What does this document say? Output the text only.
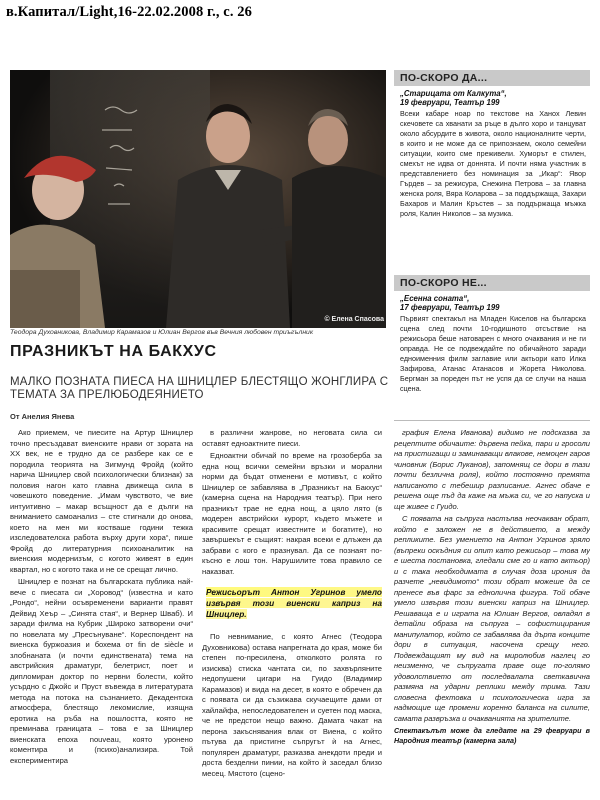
в.Капитал/Light,16-22.02.2008 г., с. 26
© Елена Спасова
Теодора Духовникова, Владимир Карамазов и Юлиан Вергов във Вечния любовен триъгълник
ПО-СКОРО ДА...
„Старицата от Калкута“,
19 февруари, Театър 199
Всеки кабаре ноар по текстове на Ханох Левин скечовете са хванати за ръце в дълго хоро и танцуват около абсурдите в живота, около националните черти, в които и не може да се припознаем, около семейни ситуации, които сме преживели. Хуморът е стилен, смехът не идва от доннята. И почти няма участник в представлението без номинация за „Икар“: Явор Гърдев – за режисура, Снежина Петрова – за главна женска роля, Вяра Коларова – за поддържаща, Захари Бахаров и Малин Кръстев – за поддържаща мъжка роля, Калин Николов – за музика.
ПО-СКОРО НЕ...
„Есенна соната“,
17 февруари, Театър 199
Първият спектакъл на Младен Киселов на българска сцена след почти 10-годишното отсъствие на режисьора беше натоварен с много очаквания и не ги оправда. Не се подвеждайте по обичайното заради едноименния филм заглавие или актьори като Илка Зафирова, Атанас Атанасов и Жорета Николова. Бергман за пореден път не успя да се случи на наша сцена.
ПРАЗНИКЪТ НА БАКХУС
МАЛКО ПОЗНАТА ПИЕСА НА ШНИЦЛЕР БЛЕСТЯЩО ЖОНГЛИРА С ТЕМАТА ЗА ПРЕЛЮБОДЕЯНИЕТО
От Анелия Янева

Ако приемем, че пиесите на Артур Шницлер точно пресъздават виенските нрави от зората на XX век, не е трудно да се разбере как се е породила теорията на Зигмунд Фройд (който нарича Шницлер свой психологически близнак) за половия нагон като главна движеща сила в човешкото поведение. „Имам чувството, че вие интуитивно – макар всъщност да е дълги на вниманието самоанализ – сте стигнали до онова, което на мен ми костваше години тежка изследователска работа върху други хора“, пише Фройд до литературния психоаналитик на виенския модернизъм, с когото живеят в един квартал, но с когото така и не се срещат лично.

Шницлер е познат на българската публика най-вече с пиесата си „Хоровод“ (известна и като „Рондо“, нейни осъвременени варианти правят Дейвид Хеър – „Синята стая“, и Вернер Шваб). И заради филма на Кубрик „Широко затворени очи“ по новелата му „Пресънуване“. Кореспондент на виенска буржоазия и бохема от fin de siècle и злобнаната (и почти единствената) тема на австрийския драматург, белетрист, поет и дипломиран доктор по нервни болести, който усърдно с Джойс и Пруст въвежда в литературата метода на потока на съзнанието. Декадентска атмосфера, блестящо лекомислие, изящна еротика на ръба на пошлостта, която не преминава границата – това е за Шницлер виенската епоха nouveau, която уронено коментира и (психо)анализира. Той експериментира

в различни жанрове, но неговата сила си оставят едноактните пиеси.

Едноактни обичай по време на грозоберба за една нощ всички семейни връзки и морални норми да бъдат отменени е мотивът, с който Шницлер се забавлява в „Празникът на Бакхус“ (камерна сцена на Народния театър). При него празникът трае не една нощ, а цяло лято (в модерен австрийски курорт, където мъжете и красивите срещат известните и богатите), но завършекът е същият: накрая всеки е длъжен да забрави с кого е празнувал. Да се познаят по-късно е лош тон. Нарушилите това правило се наказват.

Режисьорът Антон Угринов умело извървя този виенски каприз на Шницлер.

По невнимание, с която Агнес (Теодора Духовникова) остава напрегната до края, може би степен по-пресилена, отколкото ролята го изисква) стиска чантата си, по захвърляните недопушени цигари на Гуидо (Владимир Карамазов) и вида на десет, в която е обречен да с появата си да съзижава скучаещите дами от хайлайфа, непоследователен и суетен под маска, че не предстои нещо важно. Дамата чакат на перона закъснявания влак от Виена, с който пътува да пристигне съпругът ѝ на Агнес, популярен драматург, разказва анекдоти преди и доста безделни пинии, на който ѝ заседал близо месец. Мястото (сцено-

графия Елена Иванова) видимо не подсказва за рецептите обичаите: дървена пейка, пари и гросоли на пристигащи и заминаващи влакове, немоцен гаров чиновник (Борис Луканов), запомнящ се дори в тази почти безлична роля), който постоянно премята написаното с тебешир разписание. Агнес обаче е решена още пъд да каже на мъжа си, че го напуска и ще живее с Гуидо.

С появата на съпруга настъпва неочакван обрат, който е заложен не в действието, а между репликите. Без умението на Антон Угринов зряло (въпреки оскъдния си опит като режисьор – това му е шеста постановка, гледали сме го и като актьор) и с така необходимата в случая доза ирония да разчете „невидимото“ този обрат можеше да се пренесе във фарс за еднолична фигура. Той обаче умело извървя този виенски каприз на Шницлер. Решаваща е и играта на Юлиан Вергов, овладял в детайли образа на съпруга – софистицирания манипулатор, който се забавлява да дърпа конците дори в ситуация, насочена срещу него. Подвеждащият му вид на миролюбив наглец го неизменно, че съпругата праве още по-голямо удоволствието от последвалата светкавична размяна на ударни реплики между трима. Тази словесна фехтовка и психологическа игра за надмощие ще промени коренно баланса на силите, самата развръзка и очакванията на зрителите.

Спектакълът може да гледате на 29 февруари в Народния театър (камерна зала)
